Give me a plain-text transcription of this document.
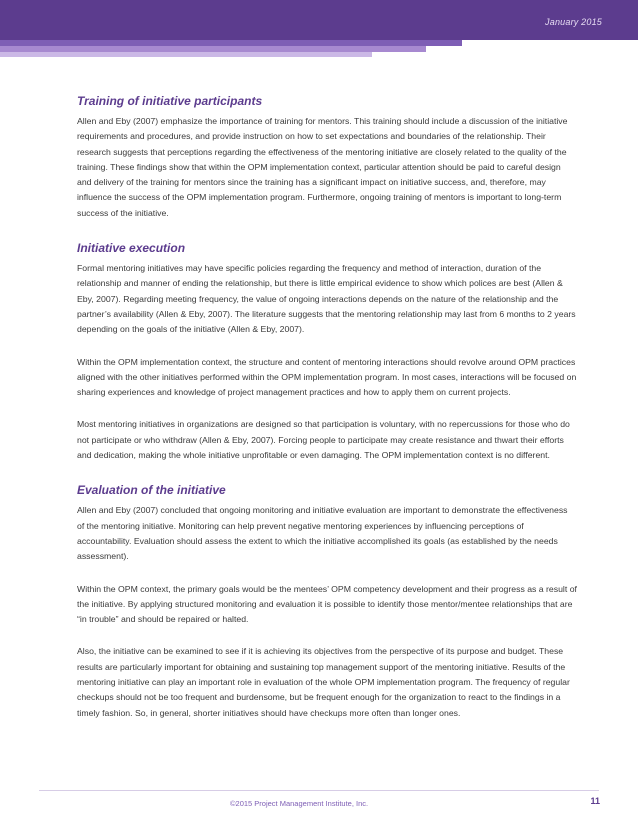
January 2015
Training of initiative participants

Allen and Eby (2007) emphasize the importance of training for mentors. This training should include a discussion of the initiative requirements and procedures, and provide instruction on how to set expectations and boundaries of the relationship. Their research suggests that perceptions regarding the effectiveness of the mentoring initiative are closely related to the quality of the training. These findings show that within the OPM implementation context, particular attention should be paid to careful design and delivery of the training for mentors since the training has a significant impact on initiative success, and, therefore, may influence the success of the OPM implementation program. Furthermore, ongoing training of mentors is important to long-term success of the initiative.

Initiative execution

Formal mentoring initiatives may have specific policies regarding the frequency and method of interaction, duration of the relationship and manner of ending the relationship, but there is little empirical evidence to show which polices are best (Allen & Eby, 2007). Regarding meeting frequency, the value of ongoing interactions depends on the nature of the relationship and the partner’s availability (Allen & Eby, 2007). The literature suggests that the mentoring relationship may last from 6 months to 2 years depending on the goals of the initiative (Allen & Eby, 2007).

Within the OPM implementation context, the structure and content of mentoring interactions should revolve around OPM practices aligned with the other initiatives performed within the OPM implementation program. In most cases, interactions will be focused on sharing experiences and knowledge of project management practices and how to apply them on current projects.

Most mentoring initiatives in organizations are designed so that participation is voluntary, with no repercussions for those who do not participate or who withdraw (Allen & Eby, 2007). Forcing people to participate may create resistance and thwart their efforts and dedication, making the whole initiative unprofitable or even damaging. The OPM implementation context is no different.

Evaluation of the initiative

Allen and Eby (2007) concluded that ongoing monitoring and initiative evaluation are important to demonstrate the effectiveness of the mentoring initiative. Monitoring can help prevent negative mentoring experiences by influencing perceptions of accountability. Evaluation should assess the extent to which the initiative accomplished its goals (as established by the needs assessment).

Within the OPM context, the primary goals would be the mentees’ OPM competency development and their progress as a result of the initiative. By applying structured monitoring and evaluation it is possible to identify those mentor/mentee relationships that are “in trouble” and should be repaired or halted.

Also, the initiative can be examined to see if it is achieving its objectives from the perspective of its purpose and budget. These results are particularly important for obtaining and sustaining top management support of the mentoring initiative. Results of the mentoring initiative can play an important role in evaluation of the whole OPM implementation program. The frequency of regular checkups should not be too frequent and burdensome, but be frequent enough for the organization to react to the findings in a timely fashion. So, in general, shorter initiatives should have checkups more often than longer ones.

©2015 Project Management Institute, Inc.	11
